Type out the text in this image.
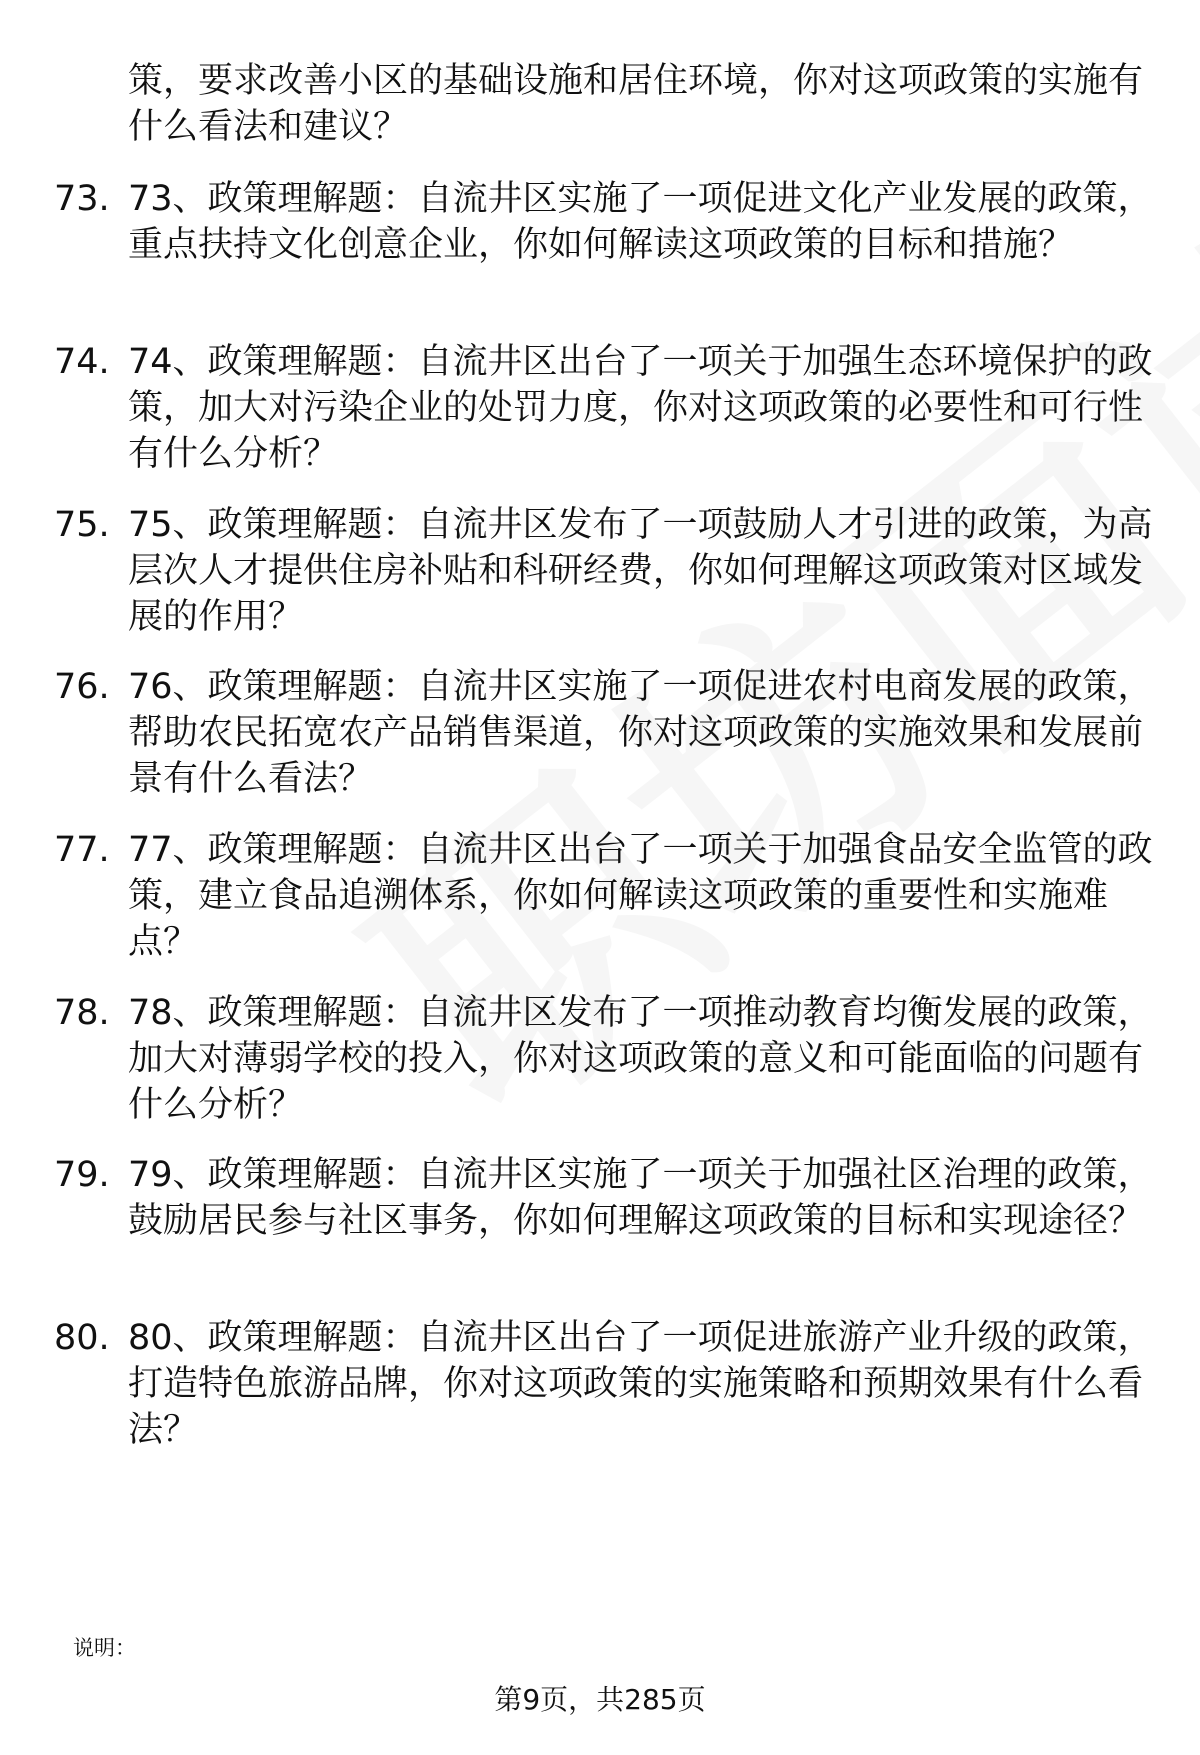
策，要求改善小区的基础设施和居住环境，你对这项政策的实施有什么看法和建议？
73. 73、政策理解题：自流井区实施了一项促进文化产业发展的政策，重点扶持文化创意企业，你如何解读这项政策的目标和措施？
74. 74、政策理解题：自流井区出台了一项关于加强生态环境保护的政策，加大对污染企业的处罚力度，你对这项政策的必要性和可行性有什么分析？
75. 75、政策理解题：自流井区发布了一项鼓励人才引进的政策，为高层次人才提供住房补贴和科研经费，你如何理解这项政策对区域发展的作用？
76. 76、政策理解题：自流井区实施了一项促进农村电商发展的政策，帮助农民拓宽农产品销售渠道，你对这项政策的实施效果和发展前景有什么看法？
77. 77、政策理解题：自流井区出台了一项关于加强食品安全监管的政策，建立食品追溯体系，你如何解读这项政策的重要性和实施难点？
78. 78、政策理解题：自流井区发布了一项推动教育均衡发展的政策，加大对薄弱学校的投入，你对这项政策的意义和可能面临的问题有什么分析？
79. 79、政策理解题：自流井区实施了一项关于加强社区治理的政策，鼓励居民参与社区事务，你如何理解这项政策的目标和实现途径？
80. 80、政策理解题：自流井区出台了一项促进旅游产业升级的政策，打造特色旅游品牌，你对这项政策的实施策略和预期效果有什么看法？
说明：
第9页，共285页
